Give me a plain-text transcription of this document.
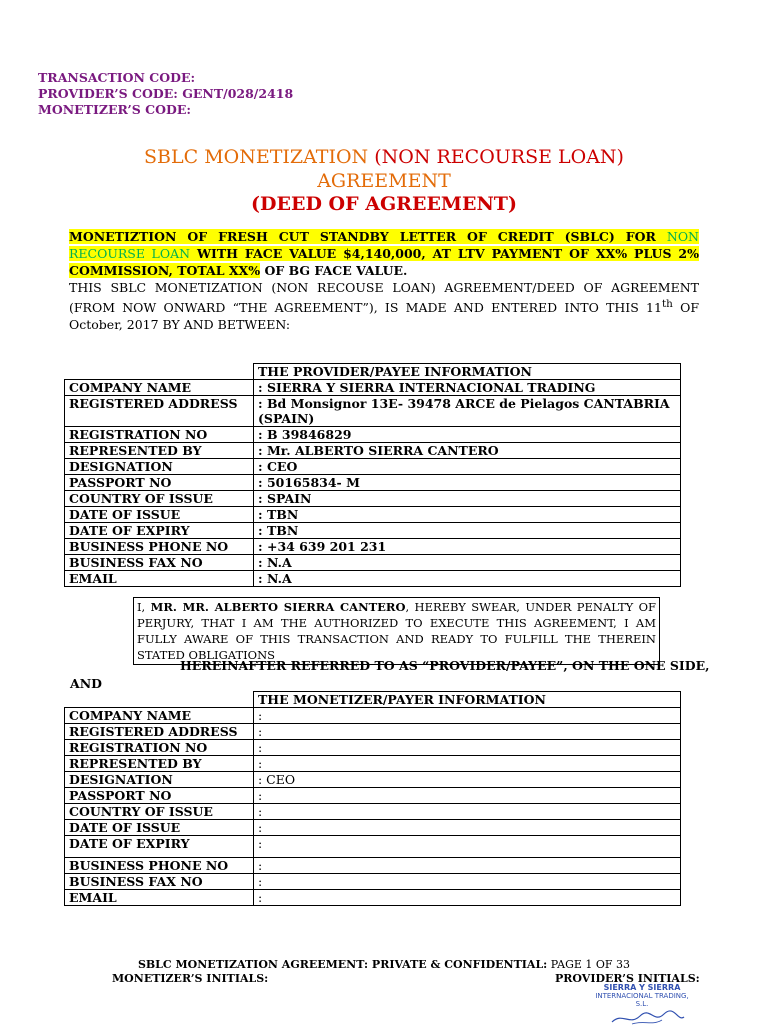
TRANSACTION CODE:
PROVIDER’S CODE: GENT/028/2418
MONETIZER’S CODE:
SBLC MONETIZATION (NON RECOURSE LOAN)
AGREEMENT
(DEED OF AGREEMENT)
MONETIZTION OF FRESH CUT STANDBY LETTER OF CREDIT (SBLC) FOR NON RECOURSE LOAN WITH FACE VALUE $4,140,000, AT LTV PAYMENT OF XX% PLUS 2% COMMISSION, TOTAL XX% OF BG FACE VALUE.
THIS SBLC MONETIZATION (NON RECOUSE LOAN) AGREEMENT/DEED OF AGREEMENT (FROM NOW ONWARD “THE AGREEMENT”), IS MADE AND ENTERED INTO THIS 11th OF October, 2017 BY AND BETWEEN:
	THE PROVIDER/PAYEE INFORMATION
COMPANY NAME	: SIERRA Y SIERRA INTERNACIONAL TRADING
REGISTERED ADDRESS	: Bd Monsignor 13E- 39478 ARCE de Pielagos CANTABRIA (SPAIN)
REGISTRATION NO	: B 39846829
REPRESENTED BY	: Mr. ALBERTO SIERRA CANTERO
DESIGNATION	: CEO
PASSPORT NO	: 50165834- M
COUNTRY OF ISSUE	: SPAIN
DATE OF ISSUE	: TBN
DATE OF EXPIRY	: TBN
BUSINESS PHONE NO	: +34 639 201 231
BUSINESS FAX NO	: N.A
EMAIL	: N.A
I, MR. MR. ALBERTO SIERRA CANTERO, HEREBY SWEAR, UNDER PENALTY OF PERJURY, THAT I AM THE AUTHORIZED TO EXECUTE THIS AGREEMENT, I AM FULLY AWARE OF THIS TRANSACTION AND READY TO FULFILL THE THEREIN STATED OBLIGATIONS
HEREINAFTER REFERRED TO AS “PROVIDER/PAYEE”, ON THE ONE SIDE,
AND
	THE MONETIZER/PAYER INFORMATION
COMPANY NAME	:
REGISTERED ADDRESS	:
REGISTRATION NO	:
REPRESENTED BY	:
DESIGNATION	: CEO
PASSPORT NO	:
COUNTRY OF ISSUE	:
DATE OF ISSUE	:
DATE OF EXPIRY	:
BUSINESS PHONE NO	:
BUSINESS FAX NO	:
EMAIL	:
SBLC MONETIZATION AGREEMENT: PRIVATE & CONFIDENTIAL: PAGE 1 OF 33
MONETIZER’S INITIALS:	PROVIDER’S INITIALS:
SIERRA Y SIERRA
INTERNACIONAL TRADING, S.L.
